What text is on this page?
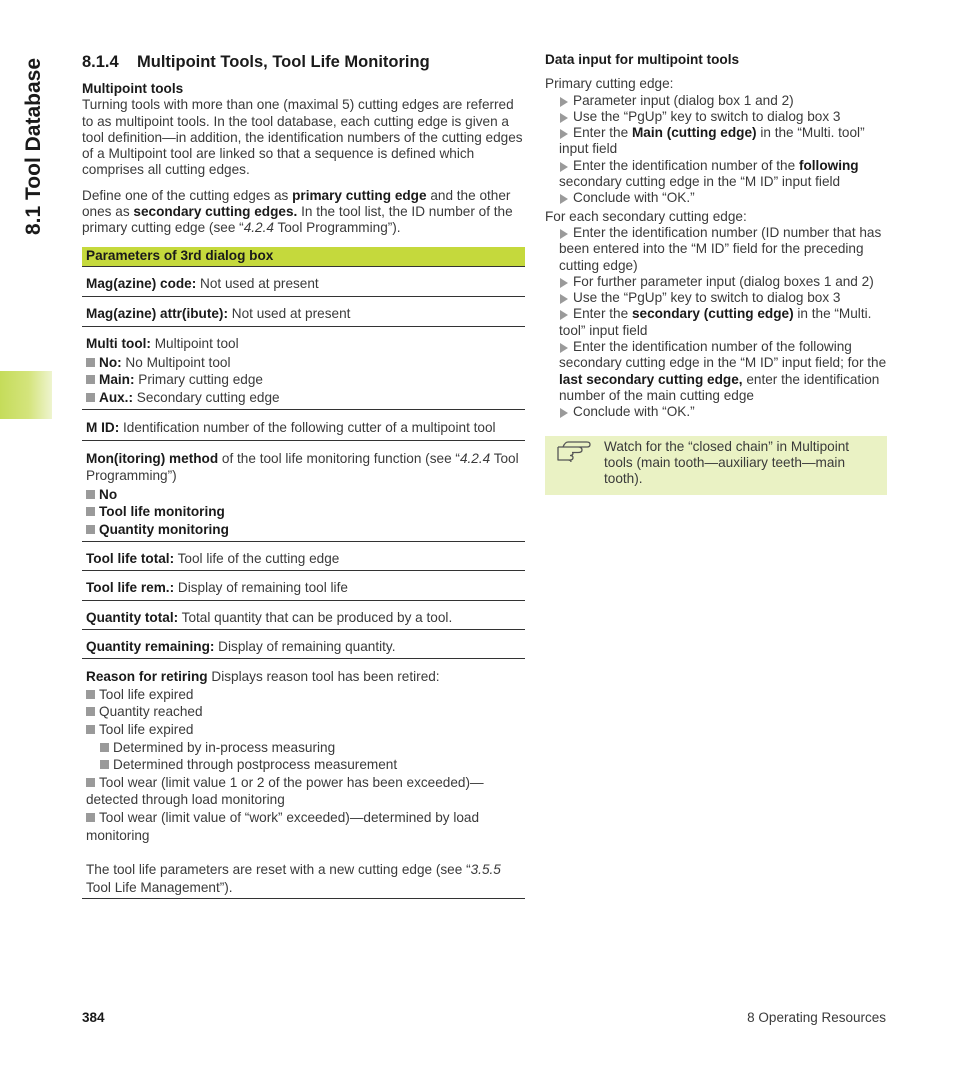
8.1 Tool Database	8.1.4 Multipoint Tools, Tool Life Monitoring
Multipoint tools

Turning tools with more than one (maximal 5) cutting edges are referred to as multipoint tools. In the tool database, each cutting edge is given a tool definition—in addition, the identification numbers of the cutting edges of a Multipoint tool are linked so that a sequence is defined which comprises all cutting edges.

Define one of the cutting edges as primary cutting edge and the other ones as secondary cutting edges. In the tool list, the ID number of the primary cutting edge (see “4.2.4 Tool Programming”).

Parameters of 3rd dialog box
Mag(azine) code: Not used at present
Mag(azine) attr(ibute): Not used at present
Multi tool: Multipoint tool
No: No Multipoint tool
Main: Primary cutting edge
Aux.: Secondary cutting edge
M ID: Identification number of the following cutter of a multipoint tool
Mon(itoring) method of the tool life monitoring function (see “4.2.4 Tool Programming”)
No
Tool life monitoring
Quantity monitoring
Tool life total: Tool life of the cutting edge
Tool life rem.: Display of remaining tool life
Quantity total: Total quantity that can be produced by a tool.
Quantity remaining: Display of remaining quantity.
Reason for retiring Displays reason tool has been retired:
Tool life expired
Quantity reached
Tool life expired
Determined by in-process measuring
Determined through postprocess measurement
Tool wear (limit value 1 or 2 of the power has been exceeded)—detected through load monitoring
Tool wear (limit value of “work” exceeded)—determined by load monitoring
The tool life parameters are reset with a new cutting edge (see “3.5.5 Tool Life Management”).
Data input for multipoint tools
Primary cutting edge:
Parameter input (dialog box 1 and 2)
Use the “PgUp” key to switch to dialog box 3
Enter the Main (cutting edge) in the “Multi. tool” input field
Enter the identification number of the following secondary cutting edge in the “M ID” input field
Conclude with “OK.”
For each secondary cutting edge:
Enter the identification number (ID number that has been entered into the “M ID” field for the preceding cutting edge)
For further parameter input (dialog boxes 1 and 2)
Use the “PgUp” key to switch to dialog box 3
Enter the secondary (cutting edge) in the “Multi. tool” input field
Enter the identification number of the following secondary cutting edge in the “M ID” input field; for the last secondary cutting edge, enter the identification number of the main cutting edge
Conclude with “OK.”
Watch for the “closed chain” in Multipoint tools (main tooth—auxiliary teeth—main tooth).
384	8 Operating Resources
